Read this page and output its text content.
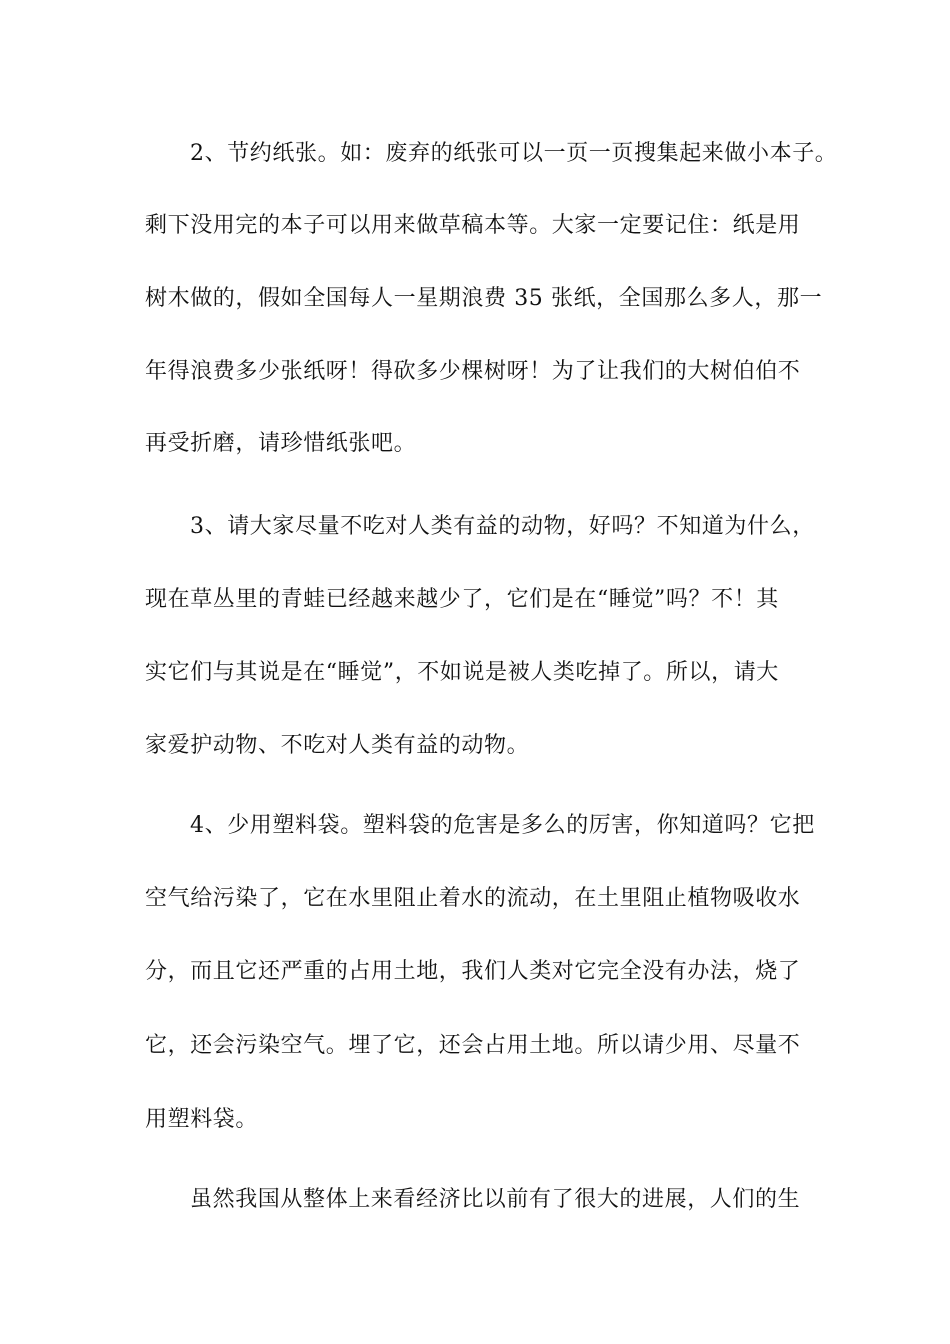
2、节约纸张。如：废弃的纸张可以一页一页搜集起来做小本子。
剩下没用完的本子可以用来做草稿本等。大家一定要记住：纸是用
树木做的，假如全国每人一星期浪费 35 张纸，全国那么多人，那一
年得浪费多少张纸呀！得砍多少棵树呀！为了让我们的大树伯伯不
再受折磨，请珍惜纸张吧。
3、请大家尽量不吃对人类有益的动物，好吗？不知道为什么，
现在草丛里的青蛙已经越来越少了，它们是在“睡觉”吗？不！其
实它们与其说是在“睡觉”，不如说是被人类吃掉了。所以，请大
家爱护动物、不吃对人类有益的动物。
4、少用塑料袋。塑料袋的危害是多么的厉害，你知道吗？它把
空气给污染了，它在水里阻止着水的流动，在土里阻止植物吸收水
分，而且它还严重的占用土地，我们人类对它完全没有办法，烧了
它，还会污染空气。埋了它，还会占用土地。所以请少用、尽量不
用塑料袋。
虽然我国从整体上来看经济比以前有了很大的进展，人们的生
